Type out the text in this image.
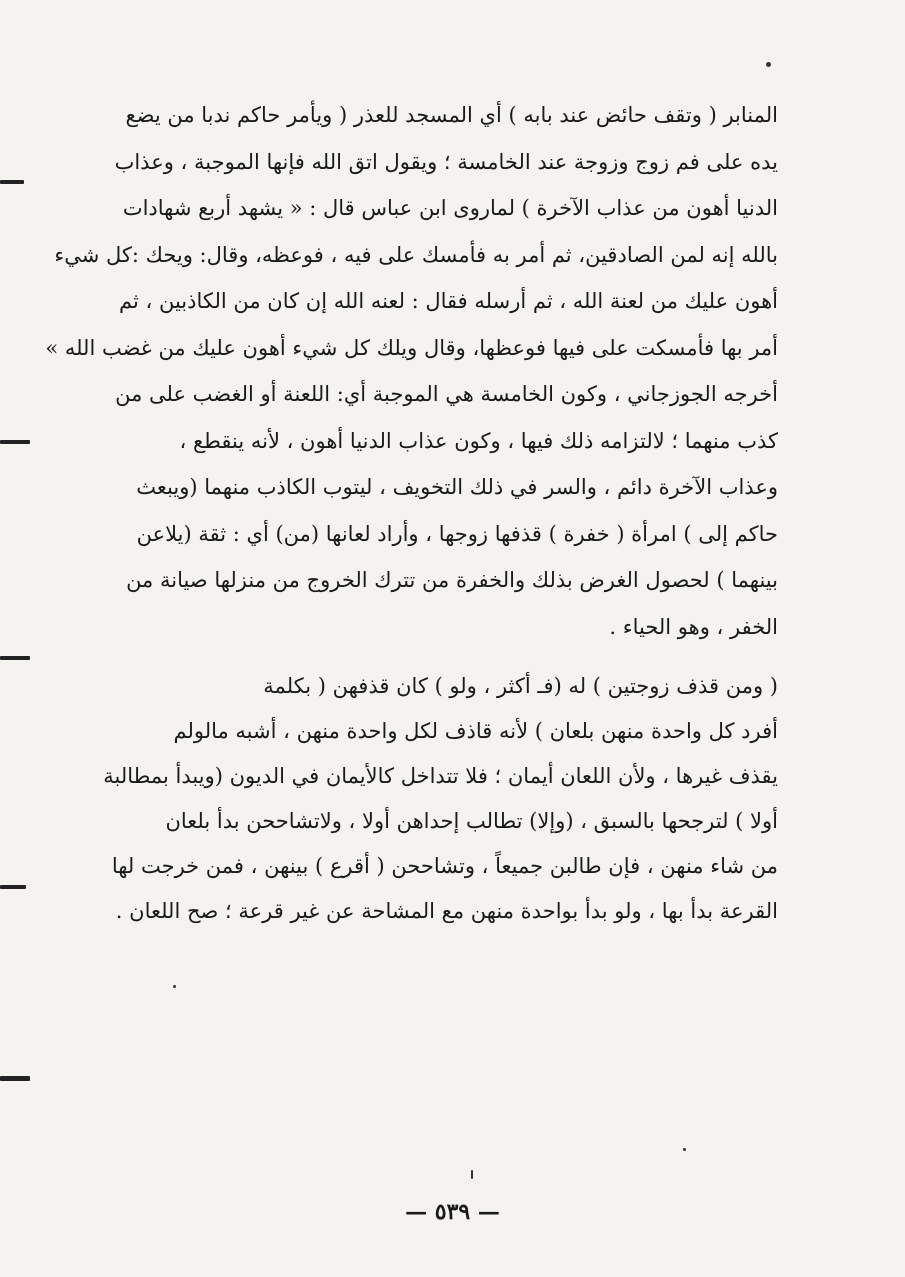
المنابر ( وتقف حائض عند بابه ) أي المسجد للعذر ( ويأمر حاكم ندبا من يضع
يده على فم زوج وزوجة عند الخامسة ؛ ويقول اتق الله فإنها الموجبة ، وعذاب
الدنيا أهون من عذاب الآخرة ) لماروى ابن عباس قال : « يشهد أربع شهادات
بالله إنه لمن الصادقين، ثم أمر به فأمسك على فيه ، فوعظه، وقال: ويحك :كل شيء
أهون عليك من لعنة الله ، ثم أرسله فقال : لعنه الله إن كان من الكاذبين ، ثم
أمر بها فأمسكت على فيها فوعظها، وقال ويلك كل شيء أهون عليك من غضب الله »
أخرجه الجوزجاني ، وكون الخامسة هي الموجبة أي: اللعنة أو الغضب على من
كذب منهما ؛ لالتزامه ذلك فيها ، وكون عذاب الدنيا أهون ، لأنه ينقطع ،
وعذاب الآخرة دائم ، والسر في ذلك التخويف ، ليتوب الكاذب منهما (ويبعث
حاكم إلى ) امرأة ( خفرة ) قذفها زوجها ، وأراد لعانها (من) أي : ثقة (يلاعن
بينهما ) لحصول الغرض بذلك والخفرة من تترك الخروج من منزلها صيانة من
الخفر ، وهو الحياء .
( ومن قذف زوجتين ) له (فـ أكثر ، ولو ) كان قذفهن ( بكلمة
أفرد كل واحدة منهن بلعان ) لأنه قاذف لكل واحدة منهن ، أشبه مالولم
يقذف غيرها ، ولأن اللعان أيمان ؛ فلا تتداخل كالأيمان في الديون (ويبدأ بمطالبة
أولا ) لترجحها بالسبق ، (وإلا) تطالب إحداهن أولا ، ولاتشاححن بدأ بلعان
من شاء منهن ، فإن طالبن جميعاً ، وتشاححن ( أقرع ) بينهن ، فمن خرجت لها
القرعة بدأ بها ، ولو بدأ بواحدة منهن مع المشاحة عن غير قرعة ؛ صح اللعان .
— ٥٣٩ —
